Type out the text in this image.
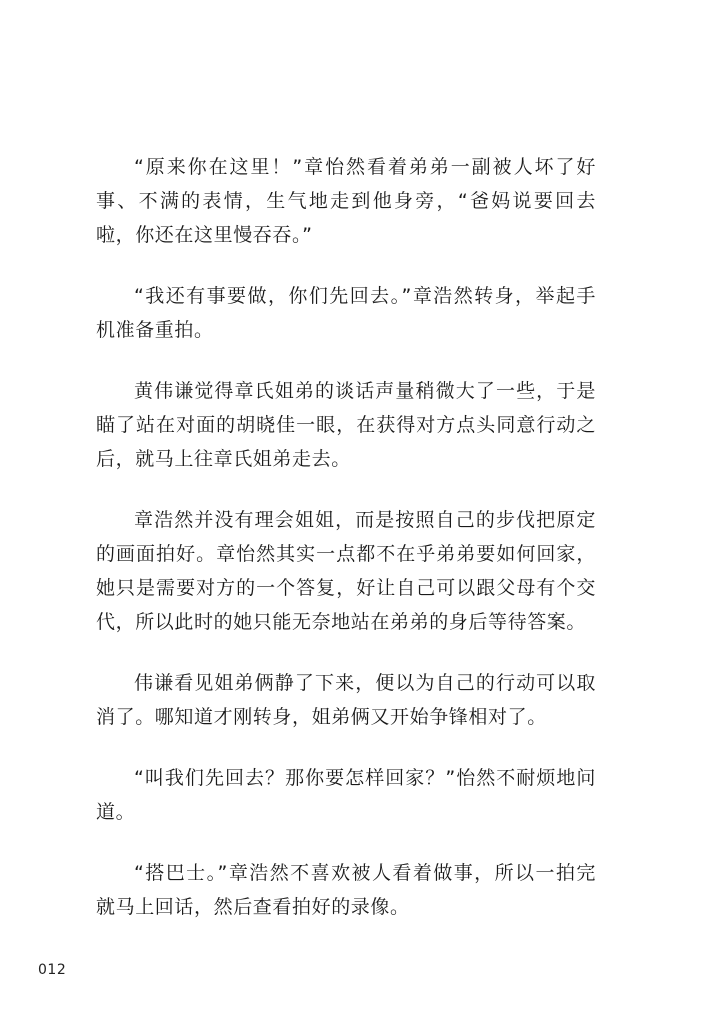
“原来你在这里！”章怡然看着弟弟一副被人坏了好事、不满的表情，生气地走到他身旁，“爸妈说要回去啦，你还在这里慢吞吞。”

“我还有事要做，你们先回去。”章浩然转身，举起手机准备重拍。

黄伟谦觉得章氏姐弟的谈话声量稍微大了一些，于是瞄了站在对面的胡晓佳一眼，在获得对方点头同意行动之后，就马上往章氏姐弟走去。

章浩然并没有理会姐姐，而是按照自己的步伐把原定的画面拍好。章怡然其实一点都不在乎弟弟要如何回家，她只是需要对方的一个答复，好让自己可以跟父母有个交代，所以此时的她只能无奈地站在弟弟的身后等待答案。

伟谦看见姐弟俩静了下来，便以为自己的行动可以取消了。哪知道才刚转身，姐弟俩又开始争锋相对了。

“叫我们先回去？那你要怎样回家？”怡然不耐烦地问道。

“搭巴士。”章浩然不喜欢被人看着做事，所以一拍完就马上回话，然后查看拍好的录像。

012
